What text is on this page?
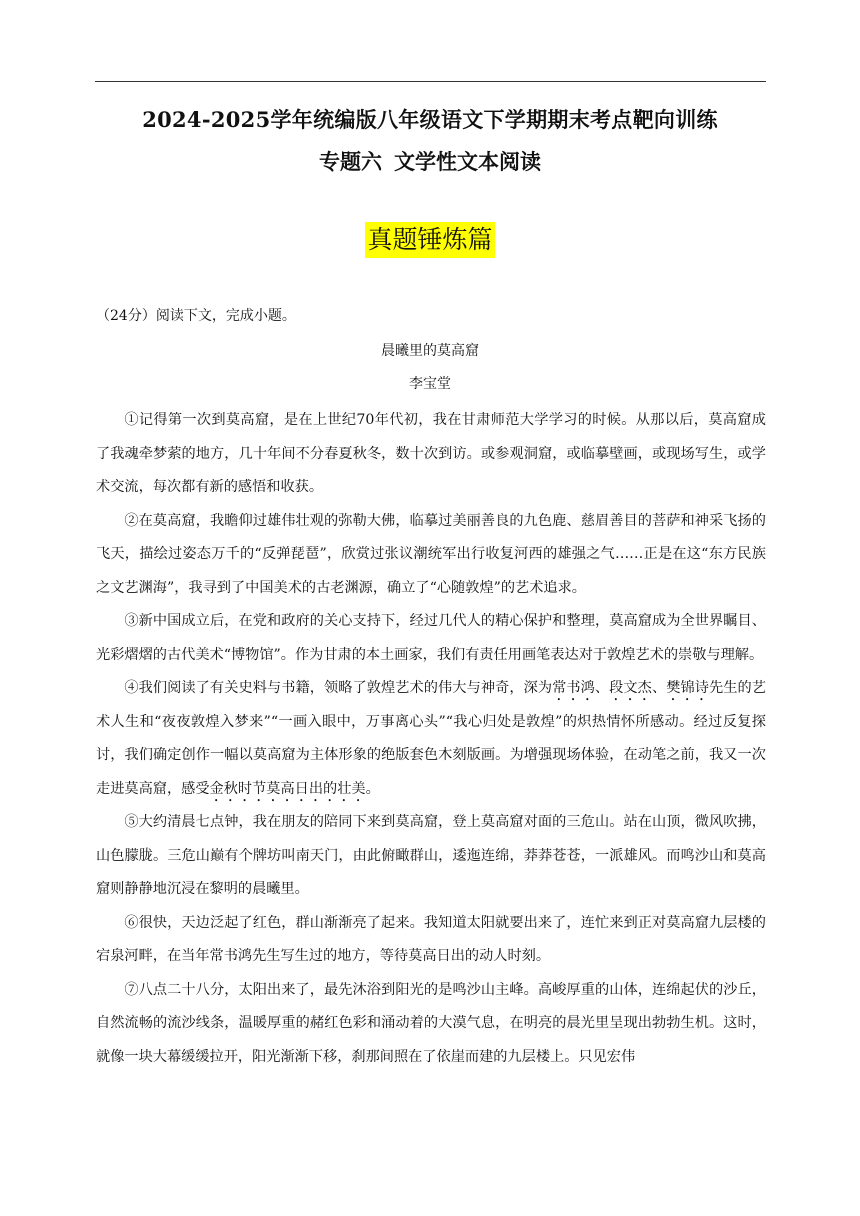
2024-2025学年统编版八年级语文下学期期末考点靶向训练
专题六 文学性文本阅读
真题锤炼篇
（24分）阅读下文，完成小题。
晨曦里的莫高窟
李宝堂

①记得第一次到莫高窟，是在上世纪70年代初，我在甘肃师范大学学习的时候。从那以后，莫高窟成了我魂牵梦萦的地方，几十年间不分春夏秋冬，数十次到访。或参观洞窟，或临摹壁画，或现场写生，或学术交流，每次都有新的感悟和收获。

②在莫高窟，我瞻仰过雄伟壮观的弥勒大佛，临摹过美丽善良的九色鹿、慈眉善目的菩萨和神采飞扬的飞天，描绘过姿态万千的“反弹琵琶”，欣赏过张议潮统军出行收复河西的雄强之气……正是在这“东方民族之文艺渊海”，我寻到了中国美术的古老渊源，确立了“心随敦煌”的艺术追求。

③新中国成立后，在党和政府的关心支持下，经过几代人的精心保护和整理，莫高窟成为全世界瞩目、光彩熠熠的古代美术“博物馆”。作为甘肃的本土画家，我们有责任用画笔表达对于敦煌艺术的崇敬与理解。

④我们阅读了有关史料与书籍，领略了敦煌艺术的伟大与神奇，深为常书鸿、段文杰、樊锦诗先生的艺术人生和“夜夜敦煌入梦来”“一画入眼中，万事离心头”“我心归处是敦煌”的炽热情怀所感动。经过反复探讨，我们确定创作一幅以莫高窟为主体形象的绝版套色木刻版画。为增强现场体验，在动笔之前，我又一次走进莫高窟，感受金秋时节莫高日出的壮美。

⑤大约清晨七点钟，我在朋友的陪同下来到莫高窟，登上莫高窟对面的三危山。站在山顶，微风吹拂，山色朦胧。三危山巅有个牌坊叫南天门，由此俯瞰群山，逶迤连绵，莽莽苍苍，一派雄风。而鸣沙山和莫高窟则静静地沉浸在黎明的晨曦里。

⑥很快，天边泛起了红色，群山渐渐亮了起来。我知道太阳就要出来了，连忙来到正对莫高窟九层楼的宕泉河畔，在当年常书鸿先生写生过的地方，等待莫高日出的动人时刻。

⑦八点二十八分，太阳出来了，最先沐浴到阳光的是鸣沙山主峰。高峻厚重的山体，连绵起伏的沙丘，自然流畅的流沙线条，温暖厚重的赭红色彩和涌动着的大漠气息，在明亮的晨光里呈现出勃勃生机。这时，就像一块大幕缓缓拉开，阳光渐渐下移，刹那间照在了依崖而建的九层楼上。只见宏伟
